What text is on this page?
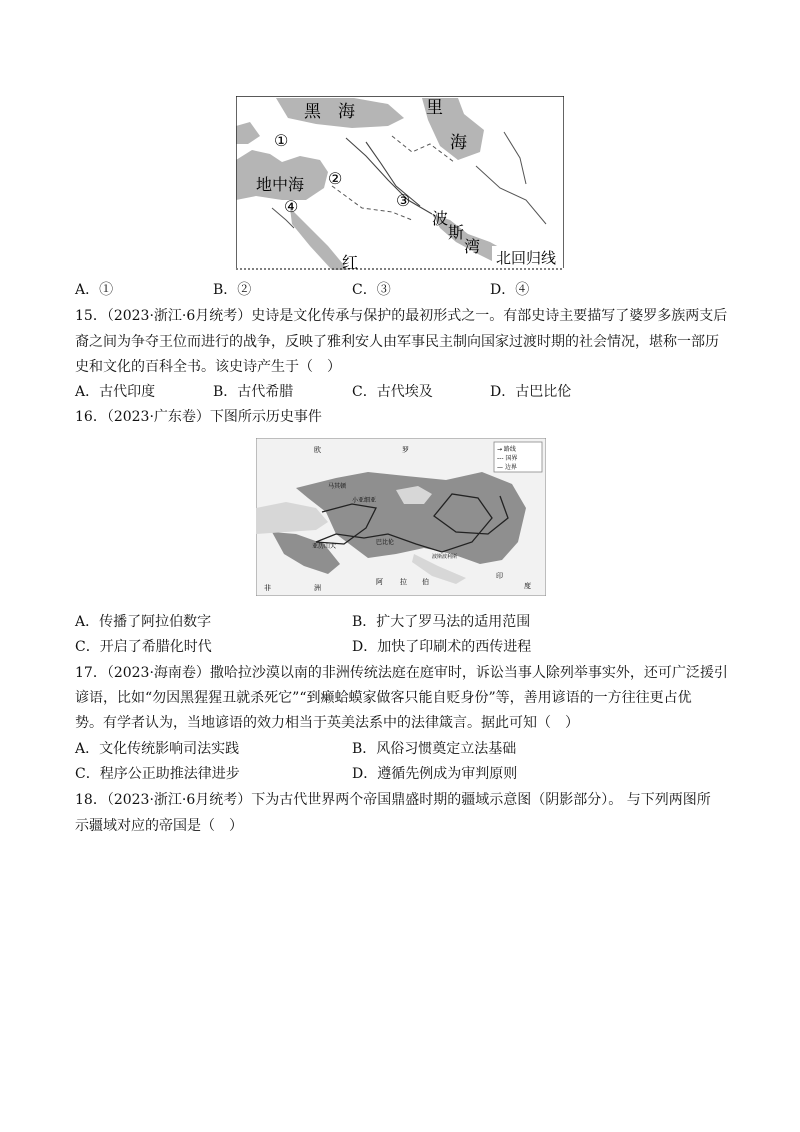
黑　海	里
海
地中海
波
斯
湾
北回归线
红
①
②
③
④
A．①	B．②	C．③	D．④
15．（2023·浙江·6月统考）史诗是文化传承与保护的最初形式之一。有部史诗主要描写了婆罗多族两支后
裔之间为争夺王位而进行的战争，反映了雅利安人由军事民主制向国家过渡时期的社会情况，堪称一部历
史和文化的百科全书。该史诗产生于（　）
A．古代印度	B．古代希腊	C．古代埃及	D．古巴比伦
16．（2023·广东卷）下图所示历史事件
→ 路线
--- 国界
— 边界
欧	罗
马其顿
小亚细亚
亚历山大
巴比伦
印
度
阿 拉 伯
非	洲
波斯波利斯
A．传播了阿拉伯数字	B．扩大了罗马法的适用范围
C．开启了希腊化时代	D．加快了印刷术的西传进程
17．（2023·海南卷）撒哈拉沙漠以南的非洲传统法庭在庭审时，诉讼当事人除列举事实外，还可广泛援引
谚语，比如“勿因黑猩猩丑就杀死它”“到癞蛤蟆家做客只能自贬身份”等，善用谚语的一方往往更占优
势。有学者认为，当地谚语的效力相当于英美法系中的法律箴言。据此可知（　）
A．文化传统影响司法实践	B．风俗习惯奠定立法基础
C．程序公正助推法律进步	D．遵循先例成为审判原则
18．（2023·浙江·6月统考）下为古代世界两个帝国鼎盛时期的疆域示意图（阴影部分）。 与下列两图所
示疆域对应的帝国是（　）
